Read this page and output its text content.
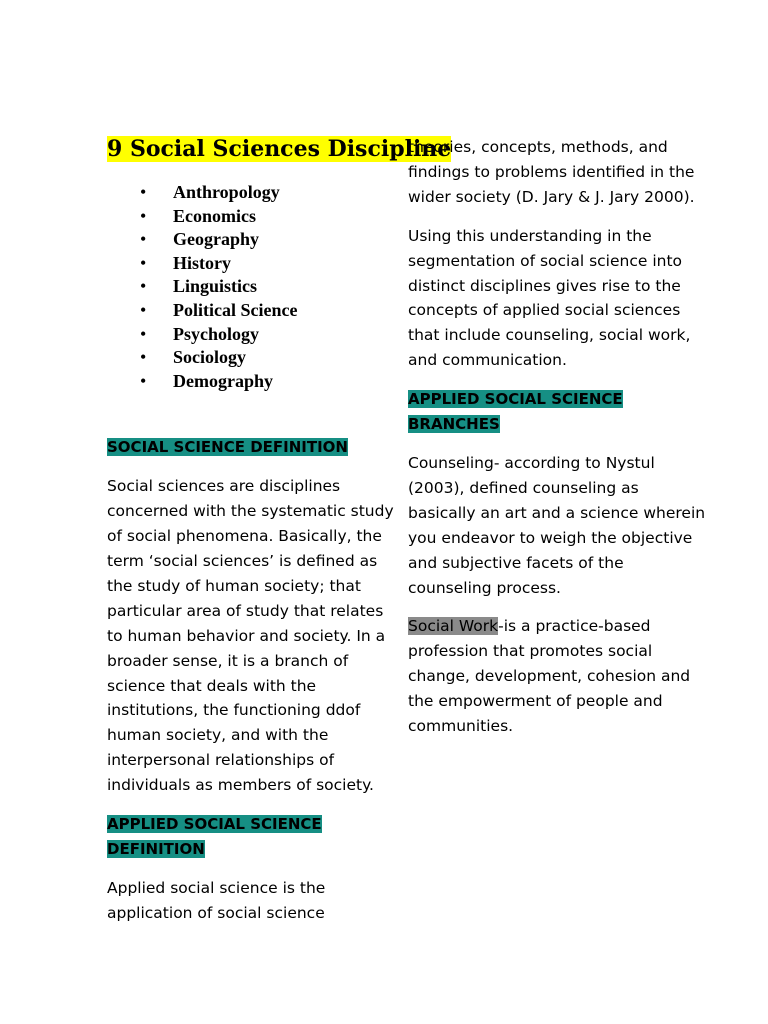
9 Social Sciences Discipline
• Anthropology
• Economics
• Geography
• History
• Linguistics
• Political Science
• Psychology
• Sociology
• Demography

SOCIAL SCIENCE DEFINITION

Social sciences are disciplines concerned with the systematic study of social phenomena. Basically, the term ‘social sciences’ is defined as the study of human society; that particular area of study that relates to human behavior and society. In a broader sense, it is a branch of science that deals with the institutions, the functioning ddof human society, and with the interpersonal relationships of individuals as members of society.

APPLIED SOCIAL SCIENCE
DEFINITION

Applied social science is the application of social science

theories, concepts, methods, and findings to problems identified in the wider society (D. Jary & J. Jary 2000).

Using this understanding in the segmentation of social science into distinct disciplines gives rise to the concepts of applied social sciences that include counseling, social work, and communication.

APPLIED SOCIAL SCIENCE
BRANCHES

Counseling- according to Nystul (2003), defined counseling as basically an art and a science wherein you endeavor to weigh the objective and subjective facets of the counseling process.

Social Work-is a practice-based profession that promotes social change, development, cohesion and the empowerment of people and communities.
